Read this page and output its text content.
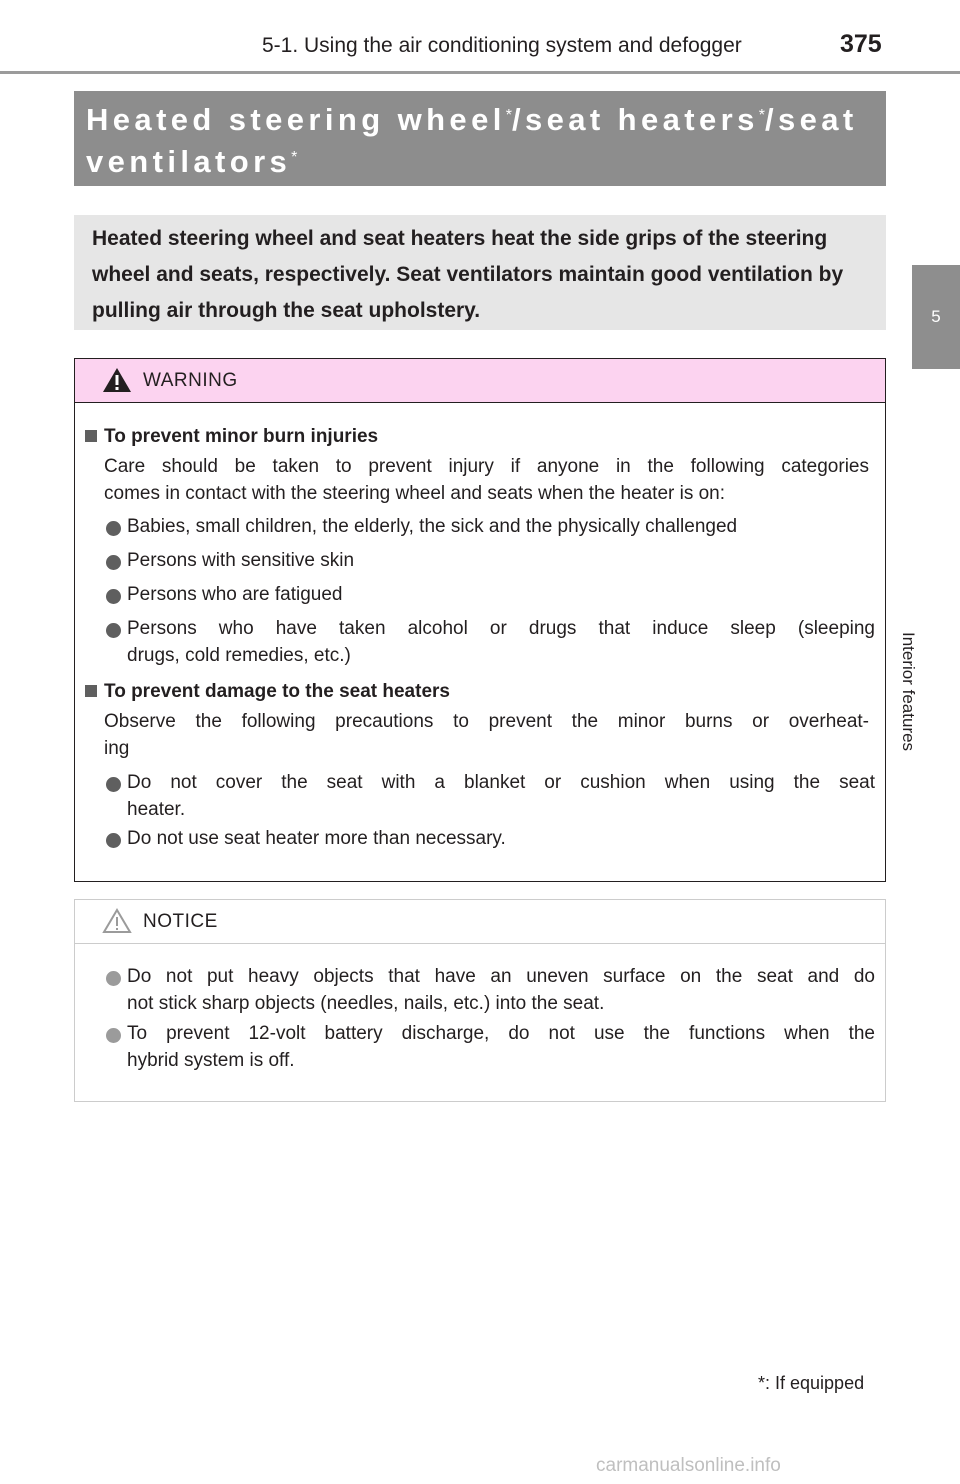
5-1. Using the air conditioning system and defogger	375
5
Interior features
Heated steering wheel*/seat heaters*/seat ventilators*

Heated steering wheel and seat heaters heat the side grips of the steering wheel and seats, respectively. Seat ventilators maintain good ventilation by pulling air through the seat upholstery.

WARNING
To prevent minor burn injuries
Care should be taken to prevent injury if anyone in the following categories
comes in contact with the steering wheel and seats when the heater is on:
Babies, small children, the elderly, the sick and the physically challenged
Persons with sensitive skin
Persons who are fatigued
Persons who have taken alcohol or drugs that induce sleep (sleeping
drugs, cold remedies, etc.)
To prevent damage to the seat heaters
Observe the following precautions to prevent the minor burns or overheat-
ing
Do not cover the seat with a blanket or cushion when using the seat
heater.
Do not use seat heater more than necessary.
NOTICE
Do not put heavy objects that have an uneven surface on the seat and do
not stick sharp objects (needles, nails, etc.) into the seat.
To prevent 12-volt battery discharge, do not use the functions when the
hybrid system is off.
*: If equipped
carmanualsonline.info
